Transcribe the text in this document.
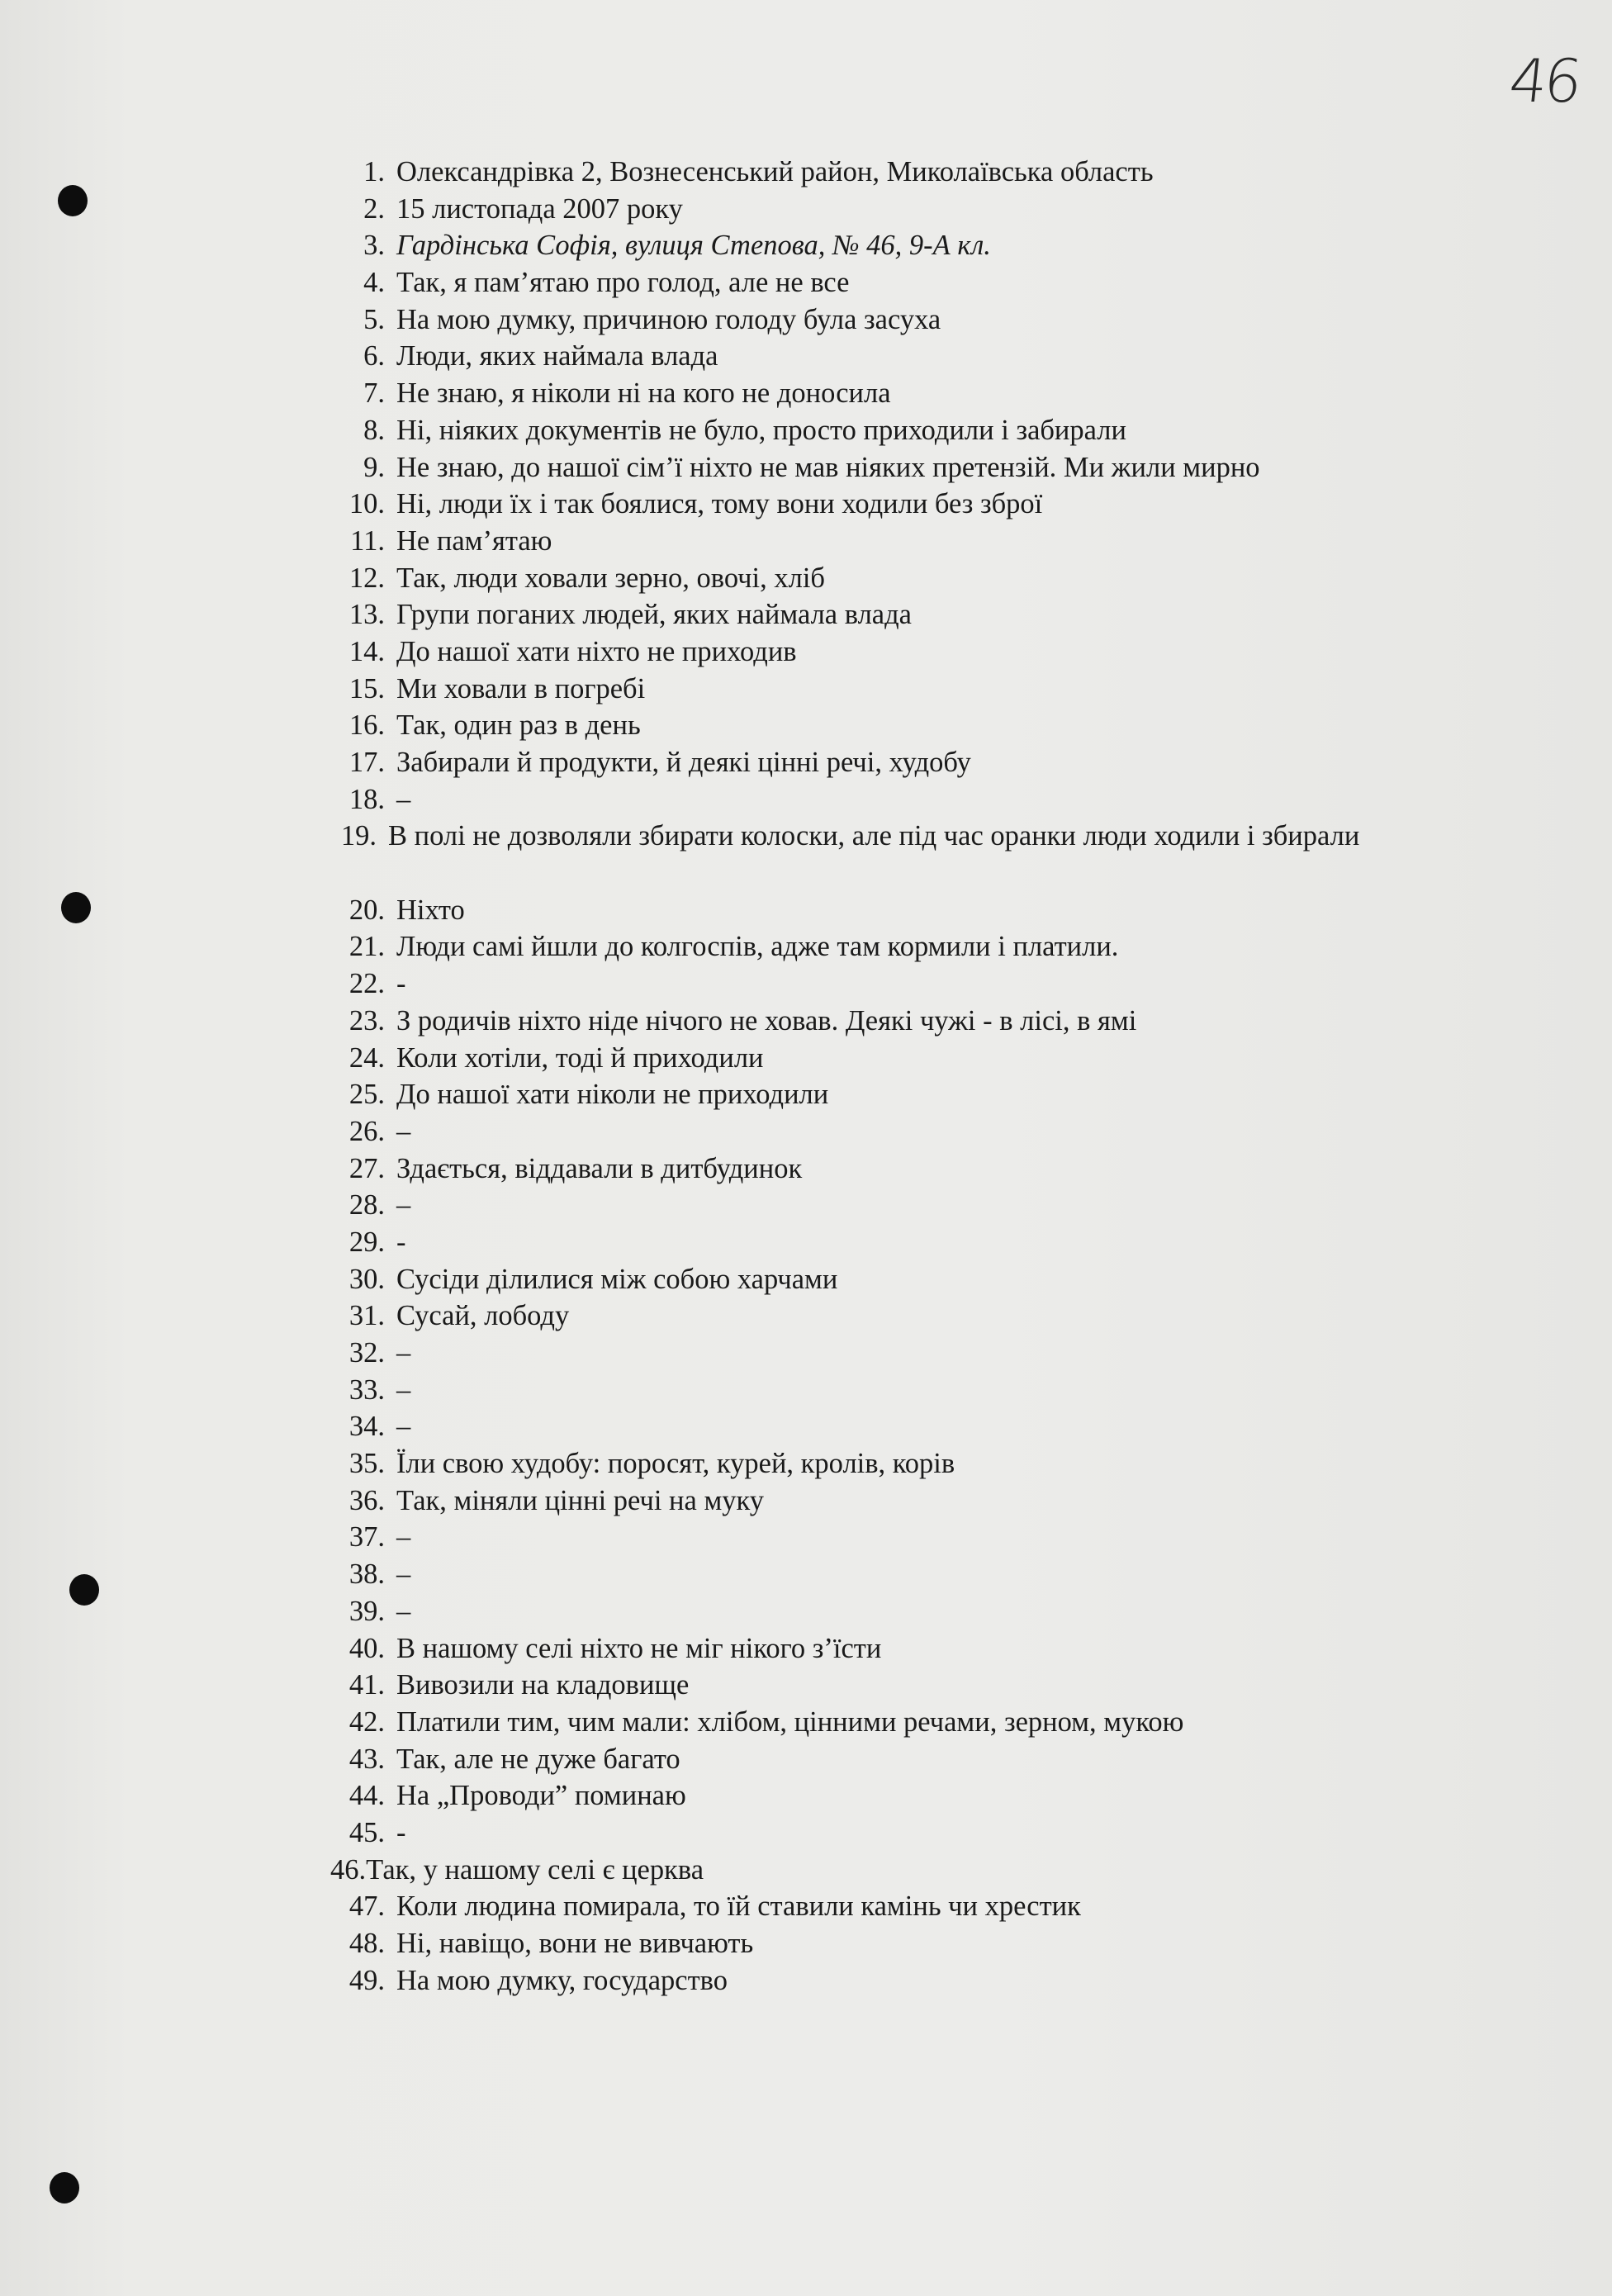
46
1. Олександрівка 2, Вознесенський район, Миколаївська область
2. 15 листопада 2007 року
3. Гардінська Софія, вулиця Степова, № 46, 9-А кл.
4. Так, я пам’ятаю про голод, але не все
5. На мою думку, причиною голоду була засуха
6. Люди, яких наймала влада
7. Не знаю, я ніколи ні на кого не доносила
8. Ні, ніяких документів не було, просто приходили і забирали
9. Не знаю, до нашої сім’ї ніхто не мав ніяких претензій. Ми жили мирно
10. Ні, люди їх і так боялися, тому вони ходили без зброї
11. Не пам’ятаю
12. Так, люди ховали зерно, овочі, хліб
13. Групи поганих людей, яких наймала влада
14. До нашої хати ніхто не приходив
15. Ми ховали в погребі
16. Так, один раз в день
17. Забирали й продукти, й деякі цінні речі, худобу
18. –
19. В полі не дозволяли збирати колоски, але під час оранки люди ходили і збирали
20. Ніхто
21. Люди самі йшли до колгоспів, адже там кормили і платили.
22. -
23. З родичів ніхто ніде нічого не ховав. Деякі чужі - в лісі, в ямі
24. Коли хотіли, тоді й приходили
25. До нашої хати ніколи не приходили
26. –
27. Здається, віддавали в дитбудинок
28. –
29. -
30. Сусіди ділилися між собою харчами
31. Сусай, лободу
32. –
33. –
34. –
35. Їли свою худобу: поросят, курей, кролів, корів
36. Так, міняли цінні речі на муку
37. –
38. –
39. –
40. В нашому селі ніхто не міг нікого з’їсти
41. Вивозили на кладовище
42. Платили тим, чим мали: хлібом, цінними речами, зерном, мукою
43. Так, але не дуже багато
44. На „Проводи” поминаю
45. -
46.Так, у нашому селі є церква
47. Коли людина помирала, то їй ставили камінь чи хрестик
48. Ні, навіщо, вони не вивчають
49. На мою думку, государство
